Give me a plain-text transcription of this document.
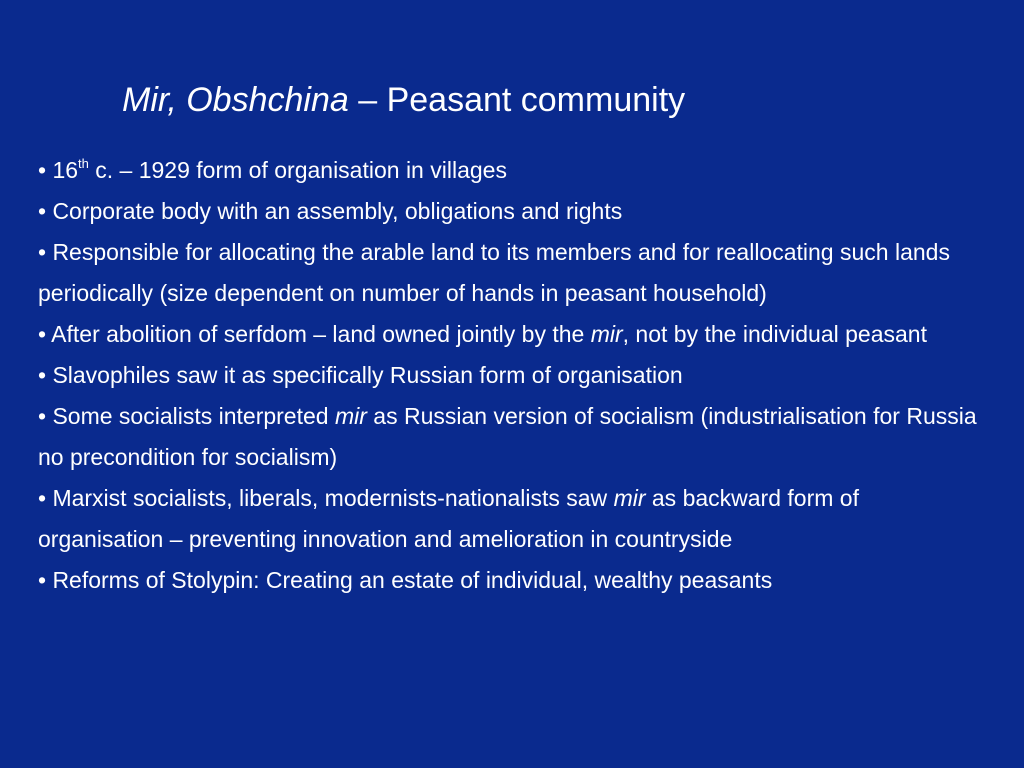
Mir, Obshchina – Peasant community

• 16th c. – 1929 form of organisation in villages

• Corporate body with an assembly, obligations and rights

• Responsible for allocating the arable land to its members and for reallocating such lands periodically (size dependent on number of hands in peasant household)

• After abolition of serfdom – land owned jointly by the mir, not by the individual peasant

• Slavophiles saw it as specifically Russian form of organisation

• Some socialists interpreted mir as Russian version of socialism (industrialisation for Russia no precondition for socialism)

• Marxist socialists, liberals, modernists-nationalists saw mir as backward form of organisation – preventing innovation and amelioration in countryside

• Reforms of Stolypin: Creating an estate of individual, wealthy peasants
